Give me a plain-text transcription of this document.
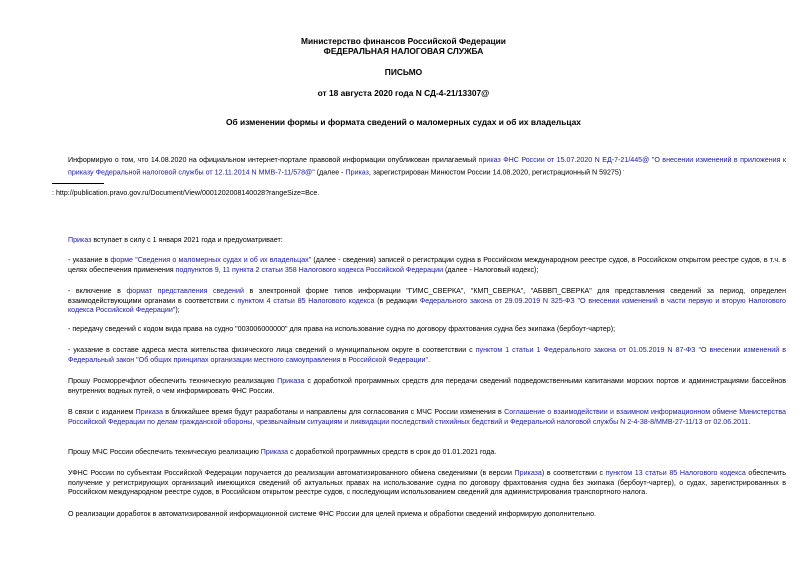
Министерство финансов Российской Федерации
ФЕДЕРАЛЬНАЯ НАЛОГОВАЯ СЛУЖБА
ПИСЬМО
от 18 августа 2020 года N СД-4-21/13307@
Об изменении формы и формата сведений о маломерных судах и об их владельцах
Информирую о том, что 14.08.2020 на официальном интернет-портале правовой информации опубликован прилагаемый приказ ФНС России от 15.07.2020 N ЕД-7-21/445@ "О внесении изменений в приложения к приказу Федеральной налоговой службы от 12.11.2014 N ММВ-7-11/578@" (далее - Приказ, зарегистрирован Минюстом России 14.08.2020, регистрационный N 59275) .
: http://publication.pravo.gov.ru/Document/View/0001202008140028?rangeSize=Все.
Приказ вступает в силу с 1 января 2021 года и предусматривает:
- указание в форме "Сведения о маломерных судах и об их владельцах" (далее - сведения) записей о регистрации судна в Российском международном реестре судов, в Российском открытом реестре судов, в т.ч. в целях обеспечения применения подпунктов 9, 11 пункта 2 статьи 358 Налогового кодекса Российской Федерации (далее - Налоговый кодекс);
- включение в формат представления сведений в электронной форме типов информации "ГИМС_СВЕРКА", "КМП_СВЕРКА", "АБВВП_СВЕРКА" для представления сведений за период, определен взаимодействующими органами в соответствии с пунктом 4 статьи 85 Налогового кодекса (в редакции Федерального закона от 29.09.2019 N 325-ФЗ "О внесении изменений в части первую и вторую Налогового кодекса Российской Федерации");
- передачу сведений с кодом вида права на судно "003006000000" для права на использование судна по договору фрахтования судна без экипажа (бербоут-чартер);
- указание в составе адреса места жительства физического лица сведений о муниципальном округе в соответствии с пунктом 1 статьи 1 Федерального закона от 01.05.2019 N 87-ФЗ "О внесении изменений в Федеральный закон "Об общих принципах организации местного самоуправления в Российской Федерации".
Прошу Росморречфлот обеспечить техническую реализацию Приказа с доработкой программных средств для передачи сведений подведомственными капитанами морских портов и администрациями бассейнов внутренних водных путей, о чем информировать ФНС России.
В связи с изданием Приказа в ближайшее время будут разработаны и направлены для согласования с МЧС России изменения в Соглашение о взаимодействии и взаимном информационном обмене Министерства Российской Федерации по делам гражданской обороны, чрезвычайным ситуациям и ликвидации последствий стихийных бедствий и Федеральной налоговой службы N 2-4-38-8/ММВ-27-11/13 от 02.06.2011.
Прошу МЧС России обеспечить техническую реализацию Приказа с доработкой программных средств в срок до 01.01.2021 года.
УФНС России по субъектам Российской Федерации поручается до реализации автоматизированного обмена сведениями (в версии Приказа) в соответствии с пунктом 13 статьи 85 Налогового кодекса обеспечить получение у регистрирующих организаций имеющихся сведений об актуальных правах на использование судна по договору фрахтования судна без экипажа (бербоут-чартер), о судах, зарегистрированных в Российском международном реестре судов, в Российском открытом реестре судов, с последующим использованием сведений для администрирования транспортного налога.
О реализации доработок в автоматизированной информационной системе ФНС России для целей приема и обработки сведений информирую дополнительно.
